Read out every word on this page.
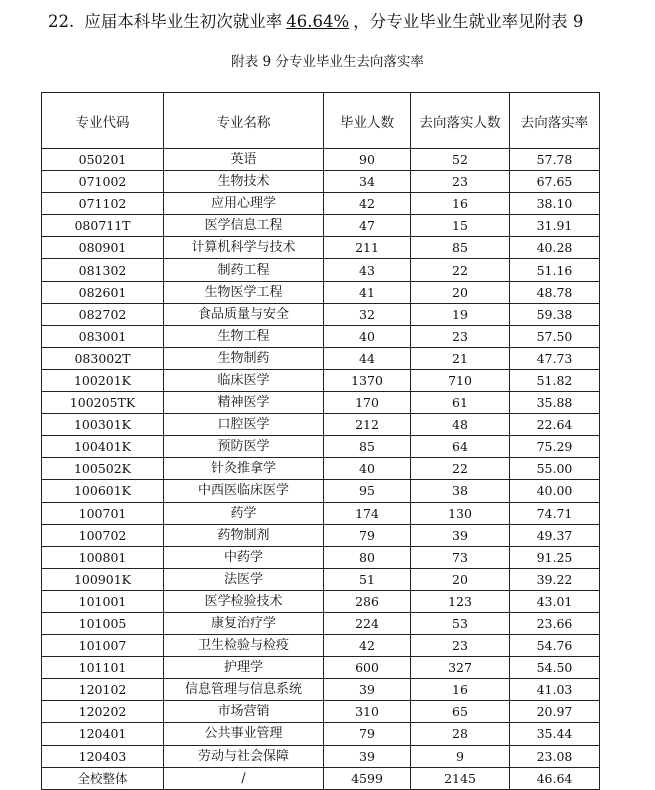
22. 应届本科毕业生初次就业率 46.64% ，分专业毕业生就业率见附表 9
附表 9 分专业毕业生去向落实率
专业代码	专业名称	毕业人数	去向落实人数	去向落实率
050201	英语	90	52	57.78
071002	生物技术	34	23	67.65
071102	应用心理学	42	16	38.10
080711T	医学信息工程	47	15	31.91
080901	计算机科学与技术	211	85	40.28
081302	制药工程	43	22	51.16
082601	生物医学工程	41	20	48.78
082702	食品质量与安全	32	19	59.38
083001	生物工程	40	23	57.50
083002T	生物制药	44	21	47.73
100201K	临床医学	1370	710	51.82
100205TK	精神医学	170	61	35.88
100301K	口腔医学	212	48	22.64
100401K	预防医学	85	64	75.29
100502K	针灸推拿学	40	22	55.00
100601K	中西医临床医学	95	38	40.00
100701	药学	174	130	74.71
100702	药物制剂	79	39	49.37
100801	中药学	80	73	91.25
100901K	法医学	51	20	39.22
101001	医学检验技术	286	123	43.01
101005	康复治疗学	224	53	23.66
101007	卫生检验与检疫	42	23	54.76
101101	护理学	600	327	54.50
120102	信息管理与信息系统	39	16	41.03
120202	市场营销	310	65	20.97
120401	公共事业管理	79	28	35.44
120403	劳动与社会保障	39	9	23.08
全校整体	/	4599	2145	46.64
